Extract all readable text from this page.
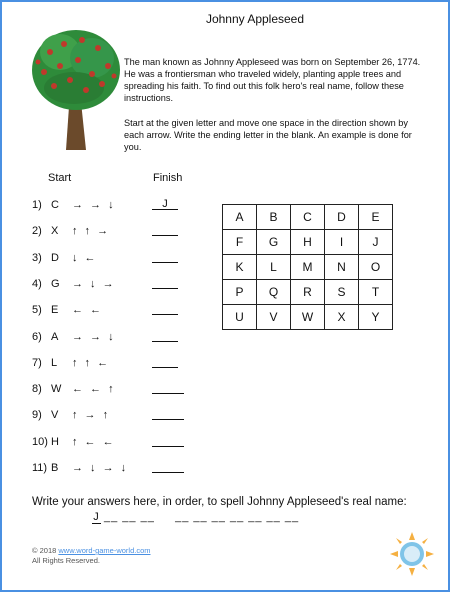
Johnny Appleseed
The man known as Johnny Appleseed was born on September 26, 1774. He was a frontiersman who traveled widely, planting apple trees and spreading his faith. To find out this folk hero's real name, follow these instructions.
Start at the given letter and move one space in the direction shown by each arrow. Write the ending letter in the blank. An example is done for you.
Start	Finish
1) C → → ↓	J
2) X ↑ ↑ →
3) D ↓ ←
4) G → ↓ →
5) E ← ←
6) A → → ↓
7) L ↑ ↑ ←
8) W ← ← ↑
9) V ↑ → ↑
10) H ↑ ← ←
11) B → ↓ → ↓
A	B	C	D	E
F	G	H	I	J
K	L	M	N	O
P	Q	R	S	T
U	V	W	X	Y
Write your answers here, in order, to spell Johnny Appleseed's real name:
J __ __ __     __ __ __ __ __ __ __
© 2018 www.word-game-world.com
All Rights Reserved.
